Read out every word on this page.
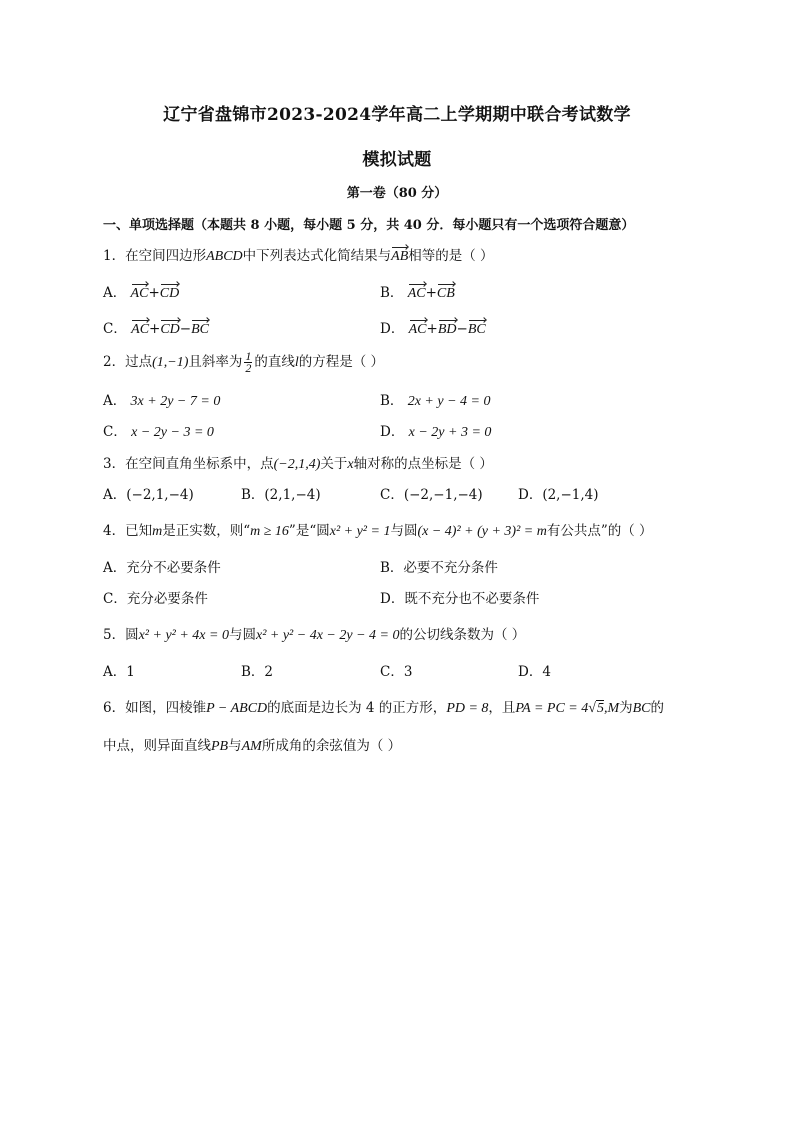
辽宁省盘锦市2023-2024学年高二上学期期中联合考试数学
模拟试题
第一卷（80 分）
一、单项选择题（本题共 8 小题，每小题 5 分，共 40 分．每小题只有一个选项符合题意）
1．在空间四边形ABCD中下列表达式化简结果与AB相等的是（ ）
A． AC+CD	B． AC+CB
C． AC+CD−BC	D． AC+BD−BC
2．过点(1,−1)且斜率为 $\frac{1}{2}$ 的直线l的方程是（ ）
A． 3x + 2y − 7 = 0	B． 2x + y − 4 = 0
C． x − 2y − 3 = 0	D． x − 2y + 3 = 0
3．在空间直角坐标系中，点(−2,1,4)关于x轴对称的点坐标是（ ）
A．(−2,1,−4)	B．(2,1,−4)	C．(−2,−1,−4)	D．(2,−1,4)
4．已知m是正实数，则“m ≥ 16”是“圆x² + y² = 1与圆(x − 4)² + (y + 3)² = m有公共点”的（ ）
A．充分不必要条件	B．必要不充分条件
C．充分必要条件	D．既不充分也不必要条件
5．圆x² + y² + 4x = 0与圆x² + y² − 4x − 2y − 4 = 0的公切线条数为（ ）
A．1	B．2	C．3	D．4
6．如图，四棱锥P − ABCD的底面是边长为 4 的正方形，PD = 8，且PA = PC = 4√5,M为BC的
中点，则异面直线PB与AM所成角的余弦值为（ ）
